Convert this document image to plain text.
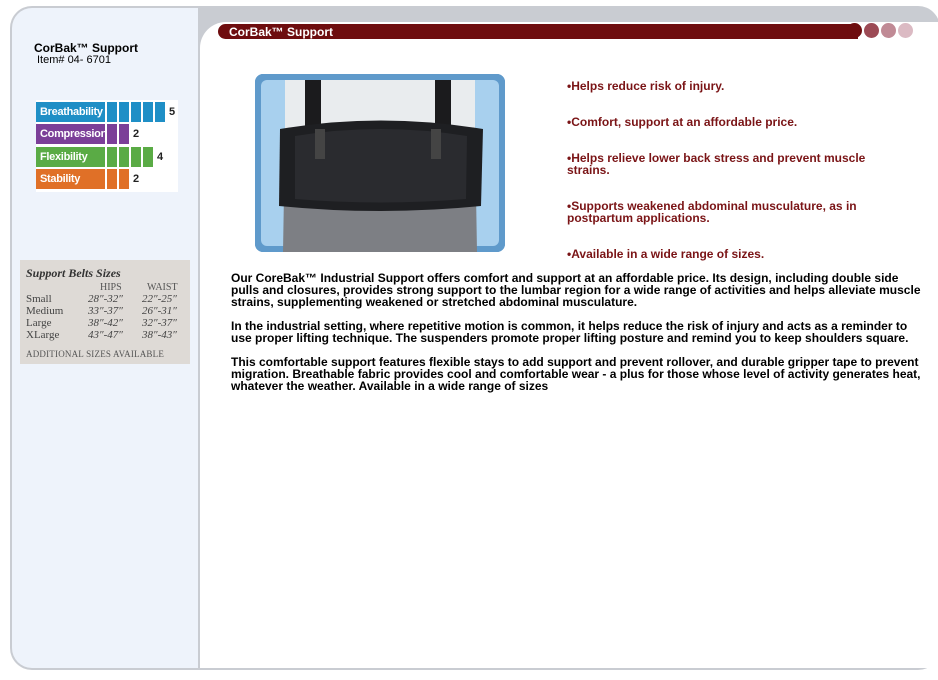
CorBak™ Support
Item# 04- 6701
Breathability	5
Compression 2
Flexibility	4
Stability	2
Support Belts Sizes
HIPS	WAIST
Small	28″-32″ 22″-25″
Medium 33″-37″ 26″-31″
Large	38″-42″ 32″-37″
XLarge	43″-47″ 38″-43″
ADDITIONAL SIZES AVAILABLE
CorBak™ Support
•Helps reduce risk of injury.
•Comfort, support at an affordable price.
•Helps relieve lower back stress and prevent muscle strains.
•Supports weakened abdominal musculature, as in postpartum applications.
•Available in a wide range of sizes.
Our CoreBak™ Industrial Support offers comfort and support at an affordable price. Its design, including double side pulls and closures, provides strong support to the lumbar region for a wide range of activities and helps alleviate muscle strains, supplementing weakened or stretched abdominal musculature.
In the industrial setting, where repetitive motion is common, it helps reduce the risk of injury and acts as a reminder to use proper lifting technique. The suspenders promote proper lifting posture and remind you to keep shoulders square.
This comfortable support features flexible stays to add support and prevent rollover, and durable gripper tape to prevent migration. Breathable fabric provides cool and comfortable wear - a plus for those whose level of activity generates heat, whatever the weather. Available in a wide range of sizes
